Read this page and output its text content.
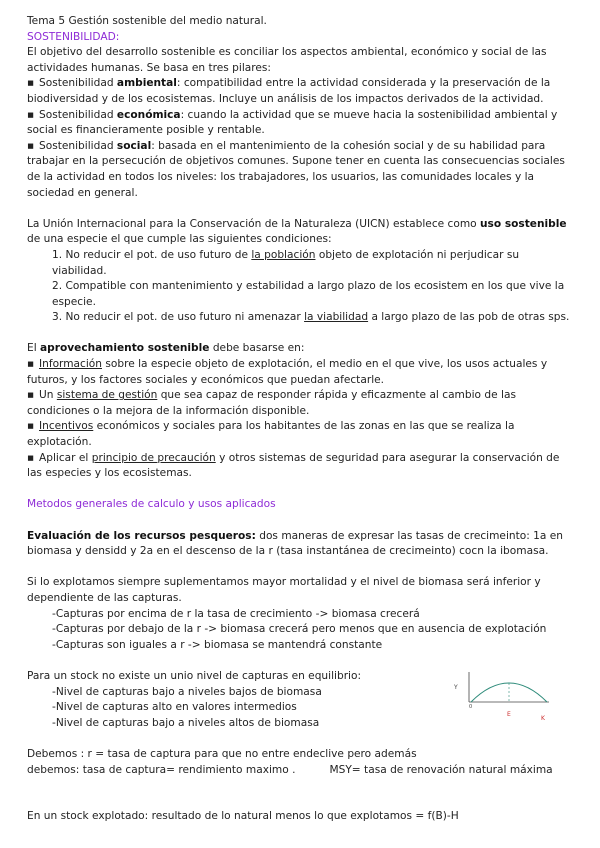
Tema 5 Gestión sostenible del medio natural.
SOSTENIBILIDAD:
El objetivo del desarrollo sostenible es conciliar los aspectos ambiental, económico y social de las actividades humanas. Se basa en tres pilares:
▪ Sostenibilidad ambiental: compatibilidad entre la actividad considerada y la preservación de la biodiversidad y de los ecosistemas. Incluye un análisis de los impactos derivados de la actividad.
▪ Sostenibilidad económica: cuando la actividad que se mueve hacia la sostenibilidad ambiental y social es financieramente posible y rentable.
▪ Sostenibilidad social: basada en el mantenimiento de la cohesión social y de su habilidad para trabajar en la persecución de objetivos comunes. Supone tener en cuenta las consecuencias sociales de la actividad en todos los niveles: los trabajadores, los usuarios, las comunidades locales y la sociedad en general.
La Unión Internacional para la Conservación de la Naturaleza (UICN) establece como uso sostenible de una especie el que cumple las siguientes condiciones:
1. No reducir el pot. de uso futuro de la población objeto de explotación ni perjudicar su viabilidad.
2. Compatible con mantenimiento y estabilidad a largo plazo de los ecosistem en los que vive la especie.
3. No reducir el pot. de uso futuro ni amenazar la viabilidad a largo plazo de las pob de otras sps.
El aprovechamiento sostenible debe basarse en:
▪ Información sobre la especie objeto de explotación, el medio en el que vive, los usos actuales y futuros, y los factores sociales y económicos que puedan afectarle.
▪ Un sistema de gestión que sea capaz de responder rápida y eficazmente al cambio de las condiciones o la mejora de la información disponible.
▪ Incentivos económicos y sociales para los habitantes de las zonas en las que se realiza la explotación.
▪ Aplicar el principio de precaución y otros sistemas de seguridad para asegurar la conservación de las especies y los ecosistemas.
Metodos generales de calculo y usos aplicados
Evaluación de los recursos pesqueros: dos maneras de expresar las tasas de crecimeinto: 1a en biomasa y densidd y 2a en el descenso de la r (tasa instantánea de crecimeinto) cocn la ibomasa.
Si lo explotamos siempre suplementamos mayor mortalidad y el nivel de biomasa será inferior y
dependiente de las capturas.
-Capturas por encima de r la tasa de crecimiento -> biomasa crecerá
-Capturas por debajo de la r -> biomasa crecerá pero menos que en ausencia de explotación
-Capturas son iguales a r -> biomasa se mantendrá constante
Para un stock no existe un unio nivel de capturas en equilibrio:
-Nivel de capturas bajo a niveles bajos de biomasa
-Nivel de capturas alto en valores intermedios
-Nivel de capturas bajo a niveles altos de biomasa
Debemos : r = tasa de captura para que no entre endeclive pero además
debemos: tasa de captura= rendimiento maximo .	MSY= tasa de renovación natural máxima
En un stock explotado: resultado de lo natural menos lo que explotamos = f(B)-H
Y
0
E
K
